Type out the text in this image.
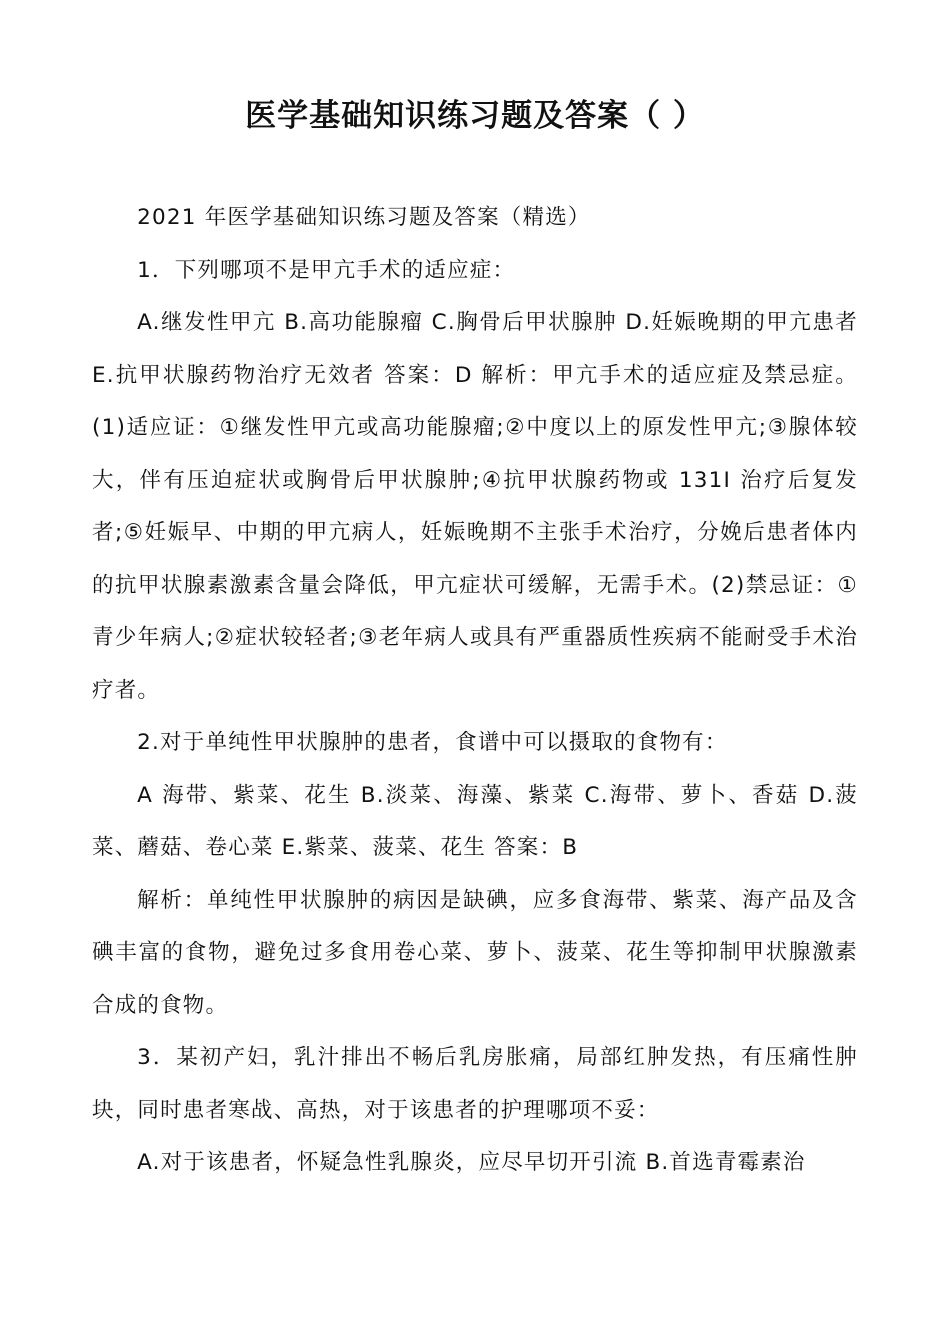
医学基础知识练习题及答案（ ）

2021 年医学基础知识练习题及答案（精选）

1．下列哪项不是甲亢手术的适应症：

A.继发性甲亢 B.高功能腺瘤 C.胸骨后甲状腺肿 D.妊娠晚期的甲亢患者 E.抗甲状腺药物治疗无效者 答案：D 解析：甲亢手术的适应症及禁忌症。(1)适应证：①继发性甲亢或高功能腺瘤;②中度以上的原发性甲亢;③腺体较大，伴有压迫症状或胸骨后甲状腺肿;④抗甲状腺药物或 131I 治疗后复发者;⑤妊娠早、中期的甲亢病人，妊娠晚期不主张手术治疗，分娩后患者体内的抗甲状腺素激素含量会降低，甲亢症状可缓解，无需手术。(2)禁忌证：①青少年病人;②症状较轻者;③老年病人或具有严重器质性疾病不能耐受手术治疗者。

2.对于单纯性甲状腺肿的患者，食谱中可以摄取的食物有：

A 海带、紫菜、花生 B.淡菜、海藻、紫菜 C.海带、萝卜、香菇 D.菠菜、蘑菇、卷心菜 E.紫菜、菠菜、花生 答案：B

解析：单纯性甲状腺肿的病因是缺碘，应多食海带、紫菜、海产品及含碘丰富的食物，避免过多食用卷心菜、萝卜、菠菜、花生等抑制甲状腺激素合成的食物。

3．某初产妇，乳汁排出不畅后乳房胀痛，局部红肿发热，有压痛性肿块，同时患者寒战、高热，对于该患者的护理哪项不妥：

A.对于该患者，怀疑急性乳腺炎，应尽早切开引流 B.首选青霉素治
